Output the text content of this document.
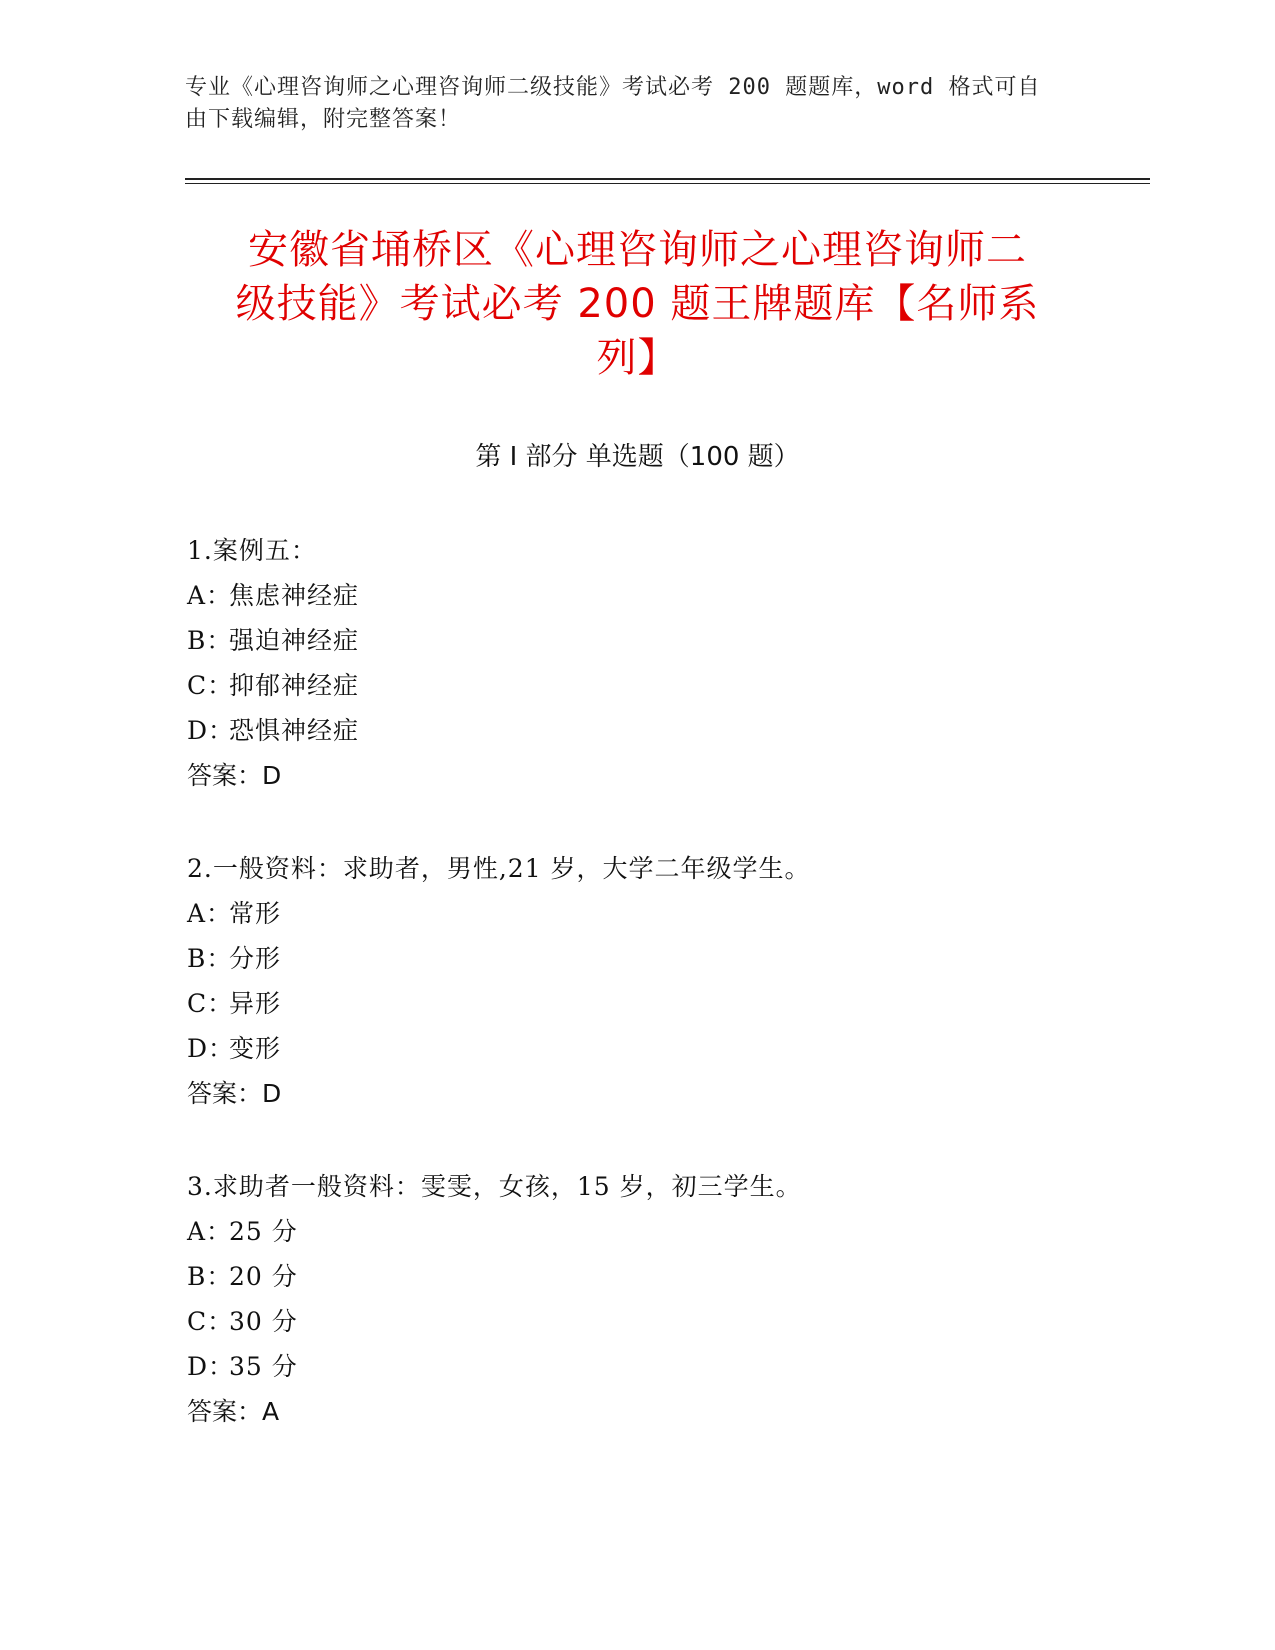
专业《心理咨询师之心理咨询师二级技能》考试必考 200 题题库，word 格式可自
由下载编辑，附完整答案！
安徽省埇桥区《心理咨询师之心理咨询师二
级技能》考试必考 200 题王牌题库【名师系
列】
第 I 部分 单选题（100 题）
1.案例五：
A：焦虑神经症
B：强迫神经症
C：抑郁神经症
D：恐惧神经症
答案：D
2.一般资料：求助者，男性,21 岁，大学二年级学生。
A：常形
B：分形
C：异形
D：变形
答案：D
3.求助者一般资料：雯雯，女孩，15 岁，初三学生。
A：25 分
B：20 分
C：30 分
D：35 分
答案：A
